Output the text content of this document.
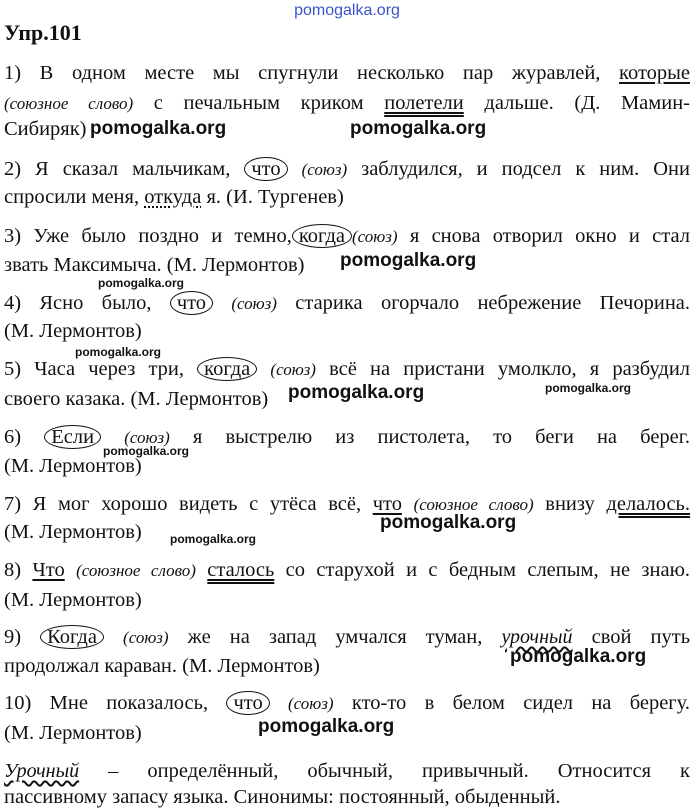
pomogalka.org
Упр.101
1) В одном месте мы спугнули несколько пар журавлей, которые
(союзное слово) с печальным криком полетели дальше. (Д. Мамин-
Сибиряк)
2) Я сказал мальчикам, что (союз) заблудился, и подсел к ним. Они
спросили меня, откуда я. (И. Тургенев)
3) Уже было поздно и темно, когда (союз) я снова отворил окно и стал
звать Максимыча. (М. Лермонтов)
4) Ясно было, что (союз) старика огорчало небрежение Печорина.
(М. Лермонтов)
5) Часа через три, когда (союз) всё на пристани умолкло, я разбудил
своего казака. (М. Лермонтов)
6) Если (союз) я выстрелю из пистолета, то беги на берег.
(М. Лермонтов)
7) Я мог хорошо видеть с утёса всё, что (союзное слово) внизу делалось.
(М. Лермонтов)
8) Что (союзное слово) сталось со старухой и с бедным слепым, не знаю.
(М. Лермонтов)
9) Когда (союз) же на запад умчался туман, урочный свой путь
продолжал караван. (М. Лермонтов)
10) Мне показалось, что (союз) кто-то в белом сидел на берегу.
(М. Лермонтов)
Урочный – определённый, обычный, привычный. Относится к
пассивному запасу языка. Синонимы: постоянный, обыденный.
pomogalka.org	pomogalka.org
pomogalka.org
pomogalka.org
pomogalka.org
pomogalka.org	pomogalka.org
pomogalka.org
pomogalka.org
pomogalka.org
pomogalka.org
pomogalka.org
